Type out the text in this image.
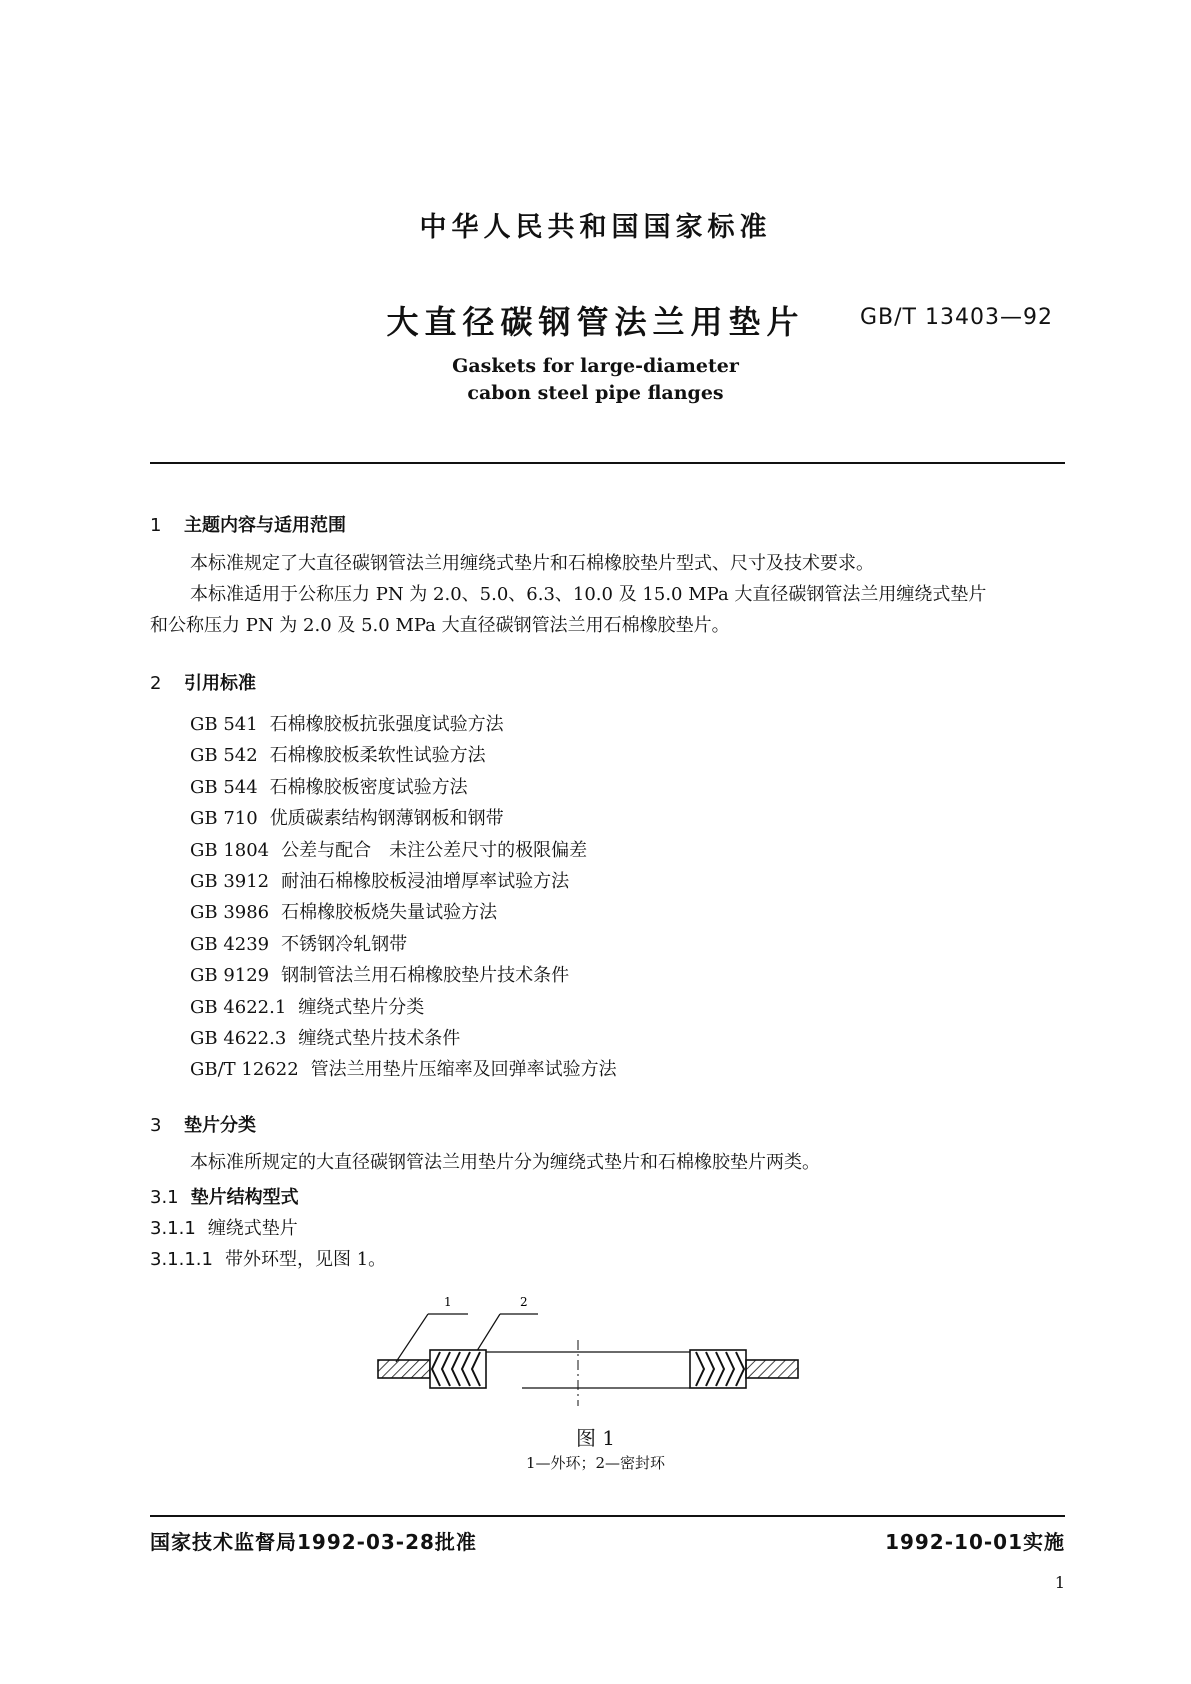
中华人民共和国国家标准
大直径碳钢管法兰用垫片	GB/T 13403—92
Gaskets for large-diameter
cabon steel pipe flanges
1 主题内容与适用范围

本标准规定了大直径碳钢管法兰用缠绕式垫片和石棉橡胶垫片型式、尺寸及技术要求。

本标准适用于公称压力 PN 为 2.0、5.0、6.3、10.0 及 15.0 MPa 大直径碳钢管法兰用缠绕式垫片

和公称压力 PN 为 2.0 及 5.0 MPa 大直径碳钢管法兰用石棉橡胶垫片。

2 引用标准
GB 541 石棉橡胶板抗张强度试验方法
GB 542 石棉橡胶板柔软性试验方法
GB 544 石棉橡胶板密度试验方法
GB 710 优质碳素结构钢薄钢板和钢带
GB 1804 公差与配合　未注公差尺寸的极限偏差
GB 3912 耐油石棉橡胶板浸油增厚率试验方法
GB 3986 石棉橡胶板烧失量试验方法
GB 4239 不锈钢冷轧钢带
GB 9129 钢制管法兰用石棉橡胶垫片技术条件
GB 4622.1 缠绕式垫片分类
GB 4622.3 缠绕式垫片技术条件
GB/T 12622 管法兰用垫片压缩率及回弹率试验方法
3 垫片分类

本标准所规定的大直径碳钢管法兰用垫片分为缠绕式垫片和石棉橡胶垫片两类。

3.1 垫片结构型式
3.1.1 缠绕式垫片
3.1.1.1 带外环型，见图 1。
1	2
图 1
1—外环；2—密封环
国家技术监督局1992-03-28批准	1992-10-01实施
1
